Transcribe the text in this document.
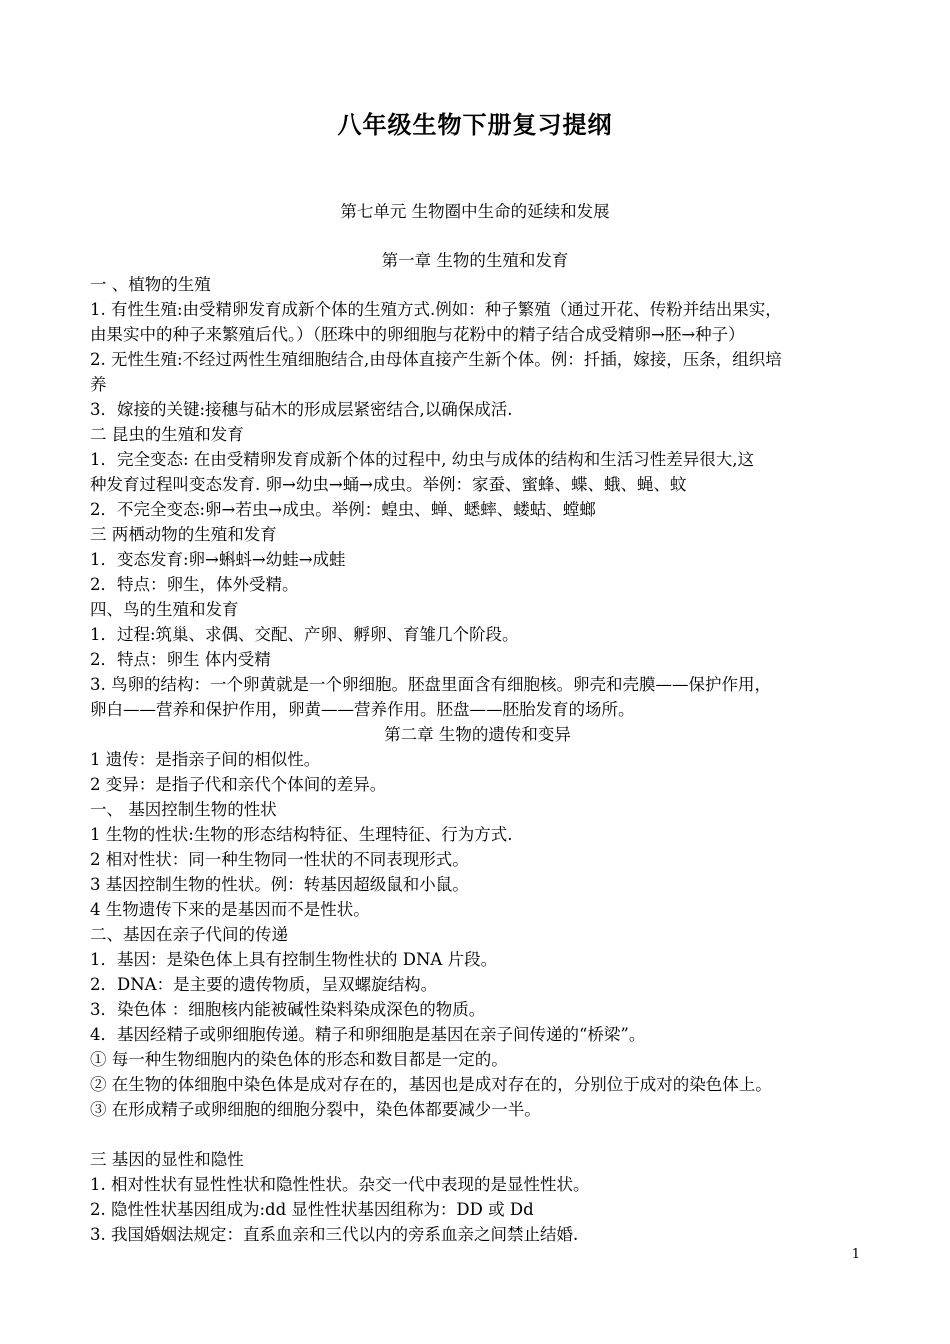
八年级生物下册复习提纲
第七单元 生物圈中生命的延续和发展
第一章 生物的生殖和发育
一 、植物的生殖
1. 有性生殖:由受精卵发育成新个体的生殖方式.例如：种子繁殖（通过开花、传粉并结出果实，
由果实中的种子来繁殖后代。）（胚珠中的卵细胞与花粉中的精子结合成受精卵→胚→种子）
2. 无性生殖:不经过两性生殖细胞结合,由母体直接产生新个体。例：扦插，嫁接，压条，组织培
养
3．嫁接的关键:接穗与砧木的形成层紧密结合,以确保成活.
二 昆虫的生殖和发育
1．完全变态: 在由受精卵发育成新个体的过程中, 幼虫与成体的结构和生活习性差异很大,这
种发育过程叫变态发育. 卵→幼虫→蛹→成虫。举例：家蚕、蜜蜂、蝶、蛾、蝇、蚊
2．不完全变态:卵→若虫→成虫。举例：蝗虫、蝉、蟋蟀、蝼蛄、螳螂
三 两栖动物的生殖和发育
1．变态发育:卵→蝌蚪→幼蛙→成蛙
2．特点：卵生，体外受精。
四、鸟的生殖和发育
1．过程:筑巢、求偶、交配、产卵、孵卵、育雏几个阶段。
2．特点：卵生 体内受精
3. 鸟卵的结构：一个卵黄就是一个卵细胞。胚盘里面含有细胞核。卵壳和壳膜——保护作用，
卵白——营养和保护作用，卵黄——营养作用。胚盘——胚胎发育的场所。
第二章 生物的遗传和变异
1 遗传：是指亲子间的相似性。
2 变异：是指子代和亲代个体间的差异。
一、 基因控制生物的性状
1 生物的性状:生物的形态结构特征、生理特征、行为方式.
2 相对性状：同一种生物同一性状的不同表现形式。
3 基因控制生物的性状。例：转基因超级鼠和小鼠。
4 生物遗传下来的是基因而不是性状。
二、基因在亲子代间的传递
1．基因：是染色体上具有控制生物性状的 DNA 片段。
2．DNA：是主要的遗传物质，呈双螺旋结构。
3．染色体 ：细胞核内能被碱性染料染成深色的物质。
4．基因经精子或卵细胞传递。精子和卵细胞是基因在亲子间传递的“桥梁”。
① 每一种生物细胞内的染色体的形态和数目都是一定的。
② 在生物的体细胞中染色体是成对存在的，基因也是成对存在的，分别位于成对的染色体上。
③ 在形成精子或卵细胞的细胞分裂中，染色体都要减少一半。
三 基因的显性和隐性
1. 相对性状有显性性状和隐性性状。杂交一代中表现的是显性性状。
2. 隐性性状基因组成为:dd 显性性状基因组称为：DD 或 Dd
3. 我国婚姻法规定：直系血亲和三代以内的旁系血亲之间禁止结婚.
1
